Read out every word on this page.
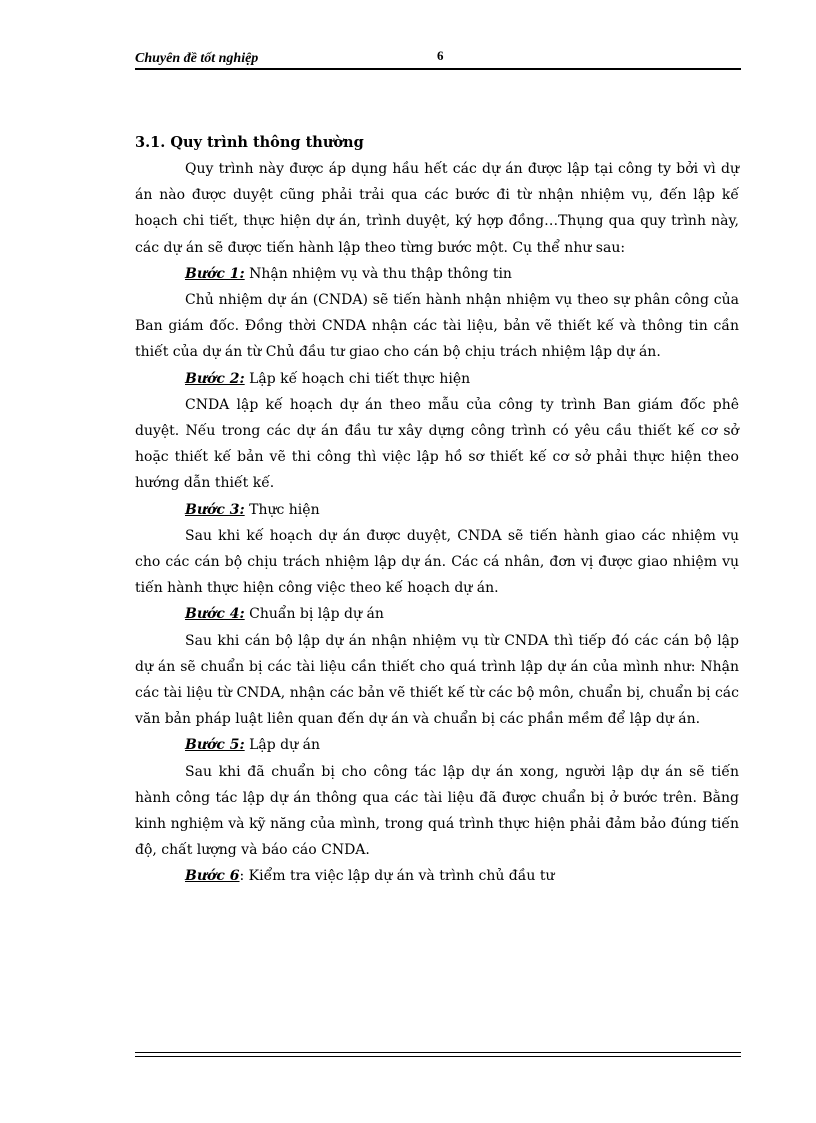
Chuyên đề tốt nghiệp	6
3.1. Quy trình thông thường

Quy trình này được áp dụng hầu hết các dự án được lập tại công ty bởi vì dự án nào được duyệt cũng phải trải qua các bước đi từ nhận nhiệm vụ, đến lập kế hoạch chi tiết, thực hiện dự án, trình duyệt, ký hợp đồng…Thụng qua quy trình này, các dự án sẽ được tiến hành lập theo từng bước một. Cụ thể như sau:

Bước 1: Nhận nhiệm vụ và thu thập thông tin

Chủ nhiệm dự án (CNDA) sẽ tiến hành nhận nhiệm vụ theo sự phân công của Ban giám đốc. Đồng thời CNDA nhận các tài liệu, bản vẽ thiết kế và thông tin cần thiết của dự án từ Chủ đầu tư giao cho cán bộ chịu trách nhiệm lập dự án.

Bước 2: Lập kế hoạch chi tiết thực hiện

CNDA lập kế hoạch dự án theo mẫu của công ty trình Ban giám đốc phê duyệt. Nếu trong các dự án đầu tư xây dựng công trình có yêu cầu thiết kế cơ sở hoặc thiết kế bản vẽ thi công thì việc lập hồ sơ thiết kế cơ sở phải thực hiện theo hướng dẫn thiết kế.

Bước 3: Thực hiện

Sau khi kế hoạch dự án được duyệt, CNDA sẽ tiến hành giao các nhiệm vụ cho các cán bộ chịu trách nhiệm lập dự án. Các cá nhân, đơn vị được giao nhiệm vụ tiến hành thực hiện công việc theo kế hoạch dự án.

Bước 4: Chuẩn bị lập dự án

Sau khi cán bộ lập dự án nhận nhiệm vụ từ CNDA thì tiếp đó các cán bộ lập dự án sẽ chuẩn bị các tài liệu cần thiết cho quá trình lập dự án của mình như: Nhận các tài liệu từ CNDA, nhận các bản vẽ thiết kế từ các bộ môn, chuẩn bị, chuẩn bị các văn bản pháp luật liên quan đến dự án và chuẩn bị các phần mềm để lập dự án.

Bước 5: Lập dự án

Sau khi đã chuẩn bị cho công tác lập dự án xong, người lập dự án sẽ tiến hành công tác lập dự án thông qua các tài liệu đã được chuẩn bị ở bước trên. Bằng kinh nghiệm và kỹ năng của mình, trong quá trình thực hiện phải đảm bảo đúng tiến độ, chất lượng và báo cáo CNDA.

Bước 6: Kiểm tra việc lập dự án và trình chủ đầu tư
